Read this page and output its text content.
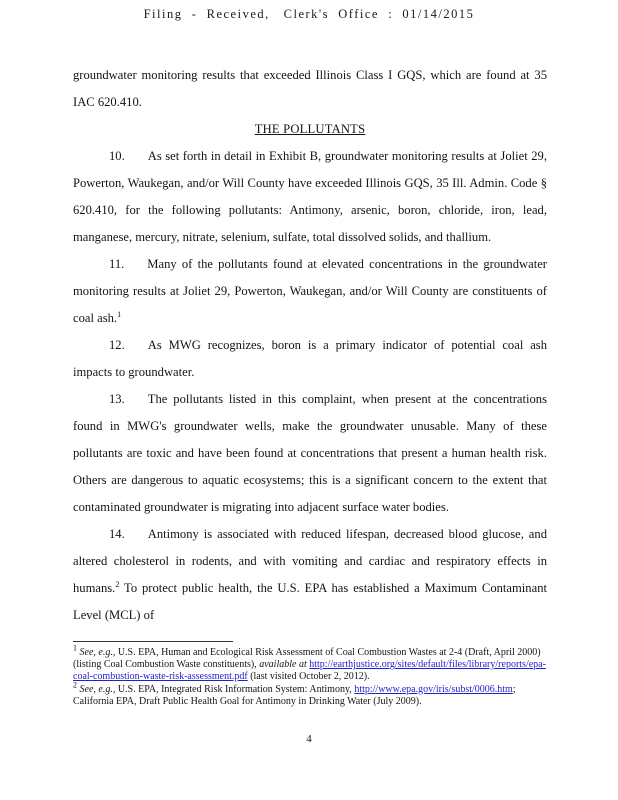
Filing  -  Received,   Clerk's  Office  :  01/14/2015

groundwater monitoring results that exceeded Illinois Class I GQS, which are found at 35 IAC 620.410.

THE POLLUTANTS

10. As set forth in detail in Exhibit B, groundwater monitoring results at Joliet 29, Powerton, Waukegan, and/or Will County have exceeded Illinois GQS, 35 Ill. Admin. Code § 620.410, for the following pollutants: Antimony, arsenic, boron, chloride, iron, lead, manganese, mercury, nitrate, selenium, sulfate, total dissolved solids, and thallium.

11. Many of the pollutants found at elevated concentrations in the groundwater monitoring results at Joliet 29, Powerton, Waukegan, and/or Will County are constituents of coal ash.$^1$

12. As MWG recognizes, boron is a primary indicator of potential coal ash impacts to groundwater.

13. The pollutants listed in this complaint, when present at the concentrations found in MWG's groundwater wells, make the groundwater unusable. Many of these pollutants are toxic and have been found at concentrations that present a human health risk. Others are dangerous to aquatic ecosystems; this is a significant concern to the extent that contaminated groundwater is migrating into adjacent surface water bodies.

14. Antimony is associated with reduced lifespan, decreased blood glucose, and altered cholesterol in rodents, and with vomiting and cardiac and respiratory effects in humans.$^2$ To protect public health, the U.S. EPA has established a Maximum Contaminant Level (MCL) of

$^1$ See, e.g., U.S. EPA, Human and Ecological Risk Assessment of Coal Combustion Wastes at 2-4 (Draft, April 2000) (listing Coal Combustion Waste constituents), available at http://earthjustice.org/sites/default/files/library/reports/epa-coal-combustion-waste-risk-assessment.pdf (last visited October 2, 2012).
$^2$ See, e.g., U.S. EPA, Integrated Risk Information System: Antimony, http://www.epa.gov/iris/subst/0006.htm; California EPA, Draft Public Health Goal for Antimony in Drinking Water (July 2009).
4
